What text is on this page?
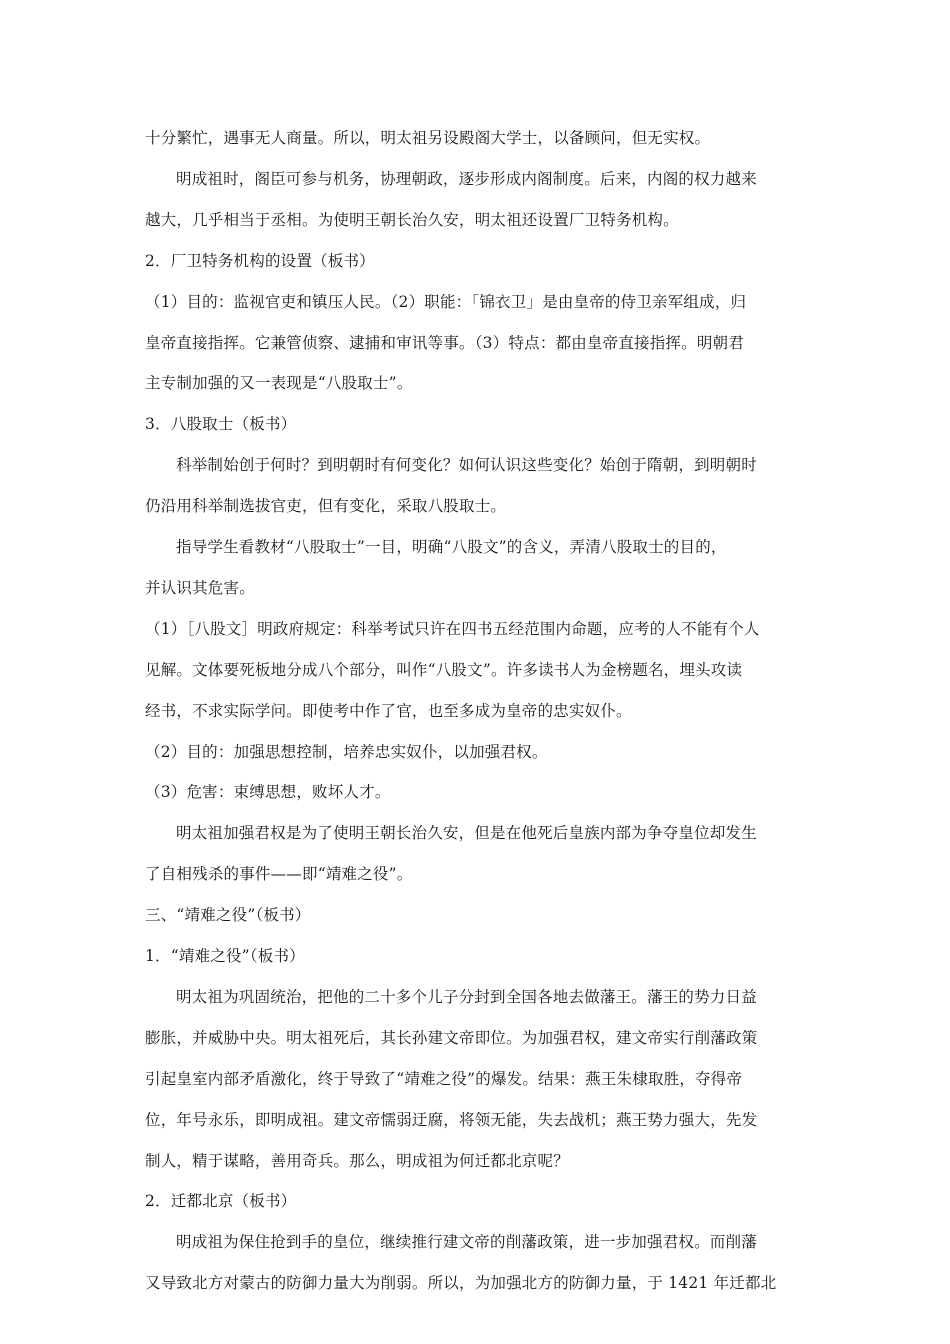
十分繁忙，遇事无人商量。所以，明太祖另设殿阁大学士，以备顾问，但无实权。
明成祖时，阁臣可参与机务，协理朝政，逐步形成内阁制度。后来，内阁的权力越来
越大，几乎相当于丞相。为使明王朝长治久安，明太祖还设置厂卫特务机构。
2．厂卫特务机构的设置（板书）
（1）目的：监视官吏和镇压人民。（2）职能：「锦衣卫」是由皇帝的侍卫亲军组成，归
皇帝直接指挥。它兼管侦察、逮捕和审讯等事。（3）特点：都由皇帝直接指挥。明朝君
主专制加强的又一表现是“八股取士”。
3．八股取士（板书）
科举制始创于何时？到明朝时有何变化？如何认识这些变化？始创于隋朝，到明朝时
仍沿用科举制选拔官吏，但有变化，采取八股取士。
指导学生看教材“八股取士”一目，明确“八股文”的含义，弄清八股取士的目的，
并认识其危害。
（1）［八股文］明政府规定：科举考试只许在四书五经范围内命题，应考的人不能有个人
见解。文体要死板地分成八个部分，叫作“八股文”。许多读书人为金榜题名，埋头攻读
经书，不求实际学问。即使考中作了官，也至多成为皇帝的忠实奴仆。
（2）目的：加强思想控制，培养忠实奴仆，以加强君权。
（3）危害：束缚思想，败坏人才。
明太祖加强君权是为了使明王朝长治久安，但是在他死后皇族内部为争夺皇位却发生
了自相残杀的事件——即“靖难之役”。
三、“靖难之役”（板书）
1．“靖难之役”（板书）
明太祖为巩固统治，把他的二十多个儿子分封到全国各地去做藩王。藩王的势力日益
膨胀，并威胁中央。明太祖死后，其长孙建文帝即位。为加强君权，建文帝实行削藩政策
引起皇室内部矛盾激化，终于导致了“靖难之役”的爆发。结果：燕王朱棣取胜，夺得帝
位，年号永乐，即明成祖。建文帝懦弱迂腐，将领无能，失去战机；燕王势力强大，先发
制人，精于谋略，善用奇兵。那么，明成祖为何迁都北京呢？
2．迁都北京（板书）
明成祖为保住抢到手的皇位，继续推行建文帝的削藩政策，进一步加强君权。而削藩
又导致北方对蒙古的防御力量大为削弱。所以，为加强北方的防御力量，于 1421 年迁都北
